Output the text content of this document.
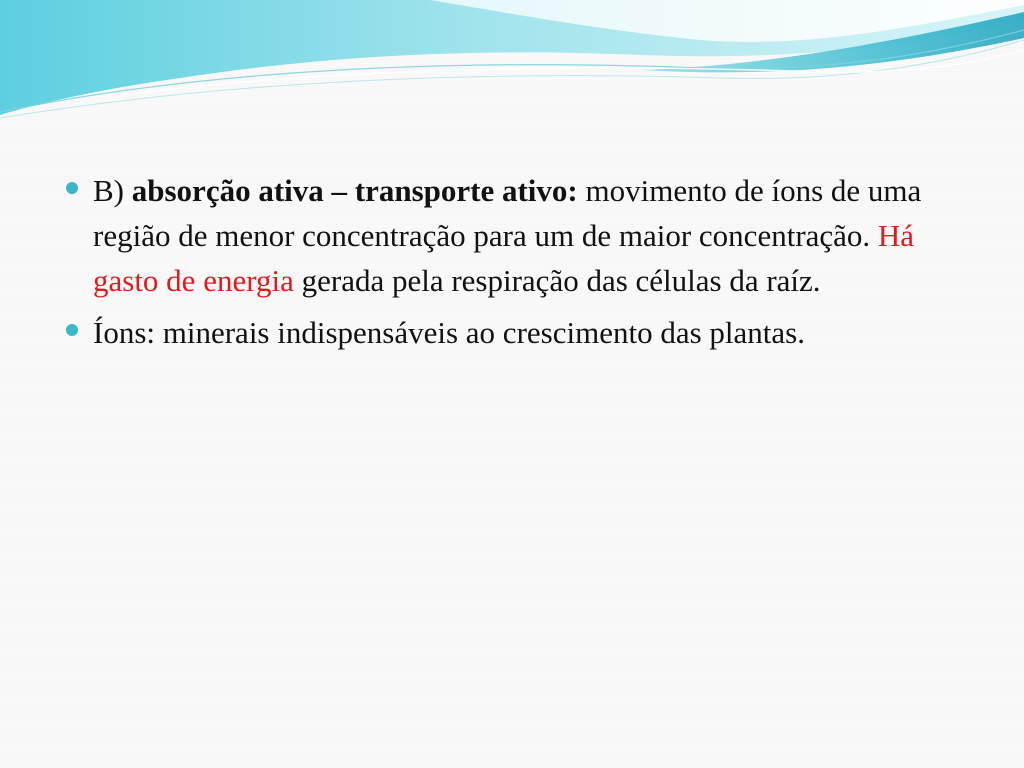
B) absorção ativa – transporte ativo: movimento de íons de uma região de menor concentração para um de maior concentração. Há gasto de energia gerada pela respiração das células da raíz.
Íons: minerais indispensáveis ao crescimento das plantas.
